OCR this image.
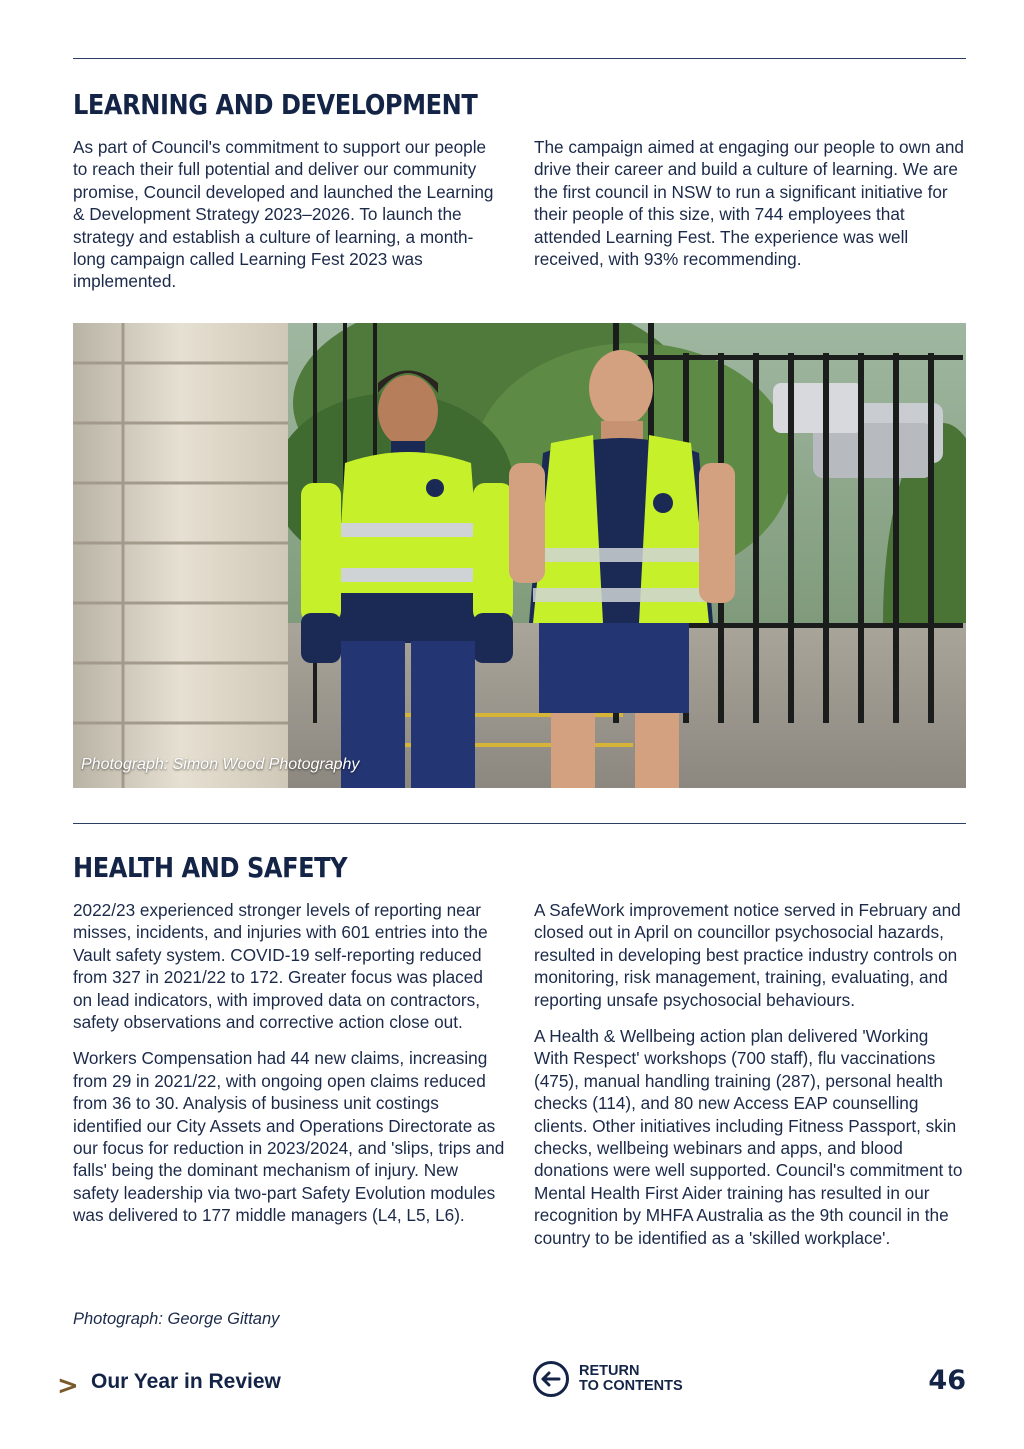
LEARNING AND DEVELOPMENT

As part of Council's commitment to support our people to reach their full potential and deliver our community promise, Council developed and launched the Learning & Development Strategy 2023–2026. To launch the strategy and establish a culture of learning, a month-long campaign called Learning Fest 2023 was implemented.

The campaign aimed at engaging our people to own and drive their career and build a culture of learning. We are the first council in NSW to run a significant initiative for their people of this size, with 744 employees that attended Learning Fest. The experience was well received, with 93% recommending.

Photograph: Simon Wood Photography
HEALTH AND SAFETY

2022/23 experienced stronger levels of reporting near misses, incidents, and injuries with 601 entries into the Vault safety system. COVID-19 self-reporting reduced from 327 in 2021/22 to 172. Greater focus was placed on lead indicators, with improved data on contractors, safety observations and corrective action close out.

Workers Compensation had 44 new claims, increasing from 29 in 2021/22, with ongoing open claims reduced from 36 to 30. Analysis of business unit costings identified our City Assets and Operations Directorate as our focus for reduction in 2023/2024, and 'slips, trips and falls' being the dominant mechanism of injury. New safety leadership via two-part Safety Evolution modules was delivered to 177 middle managers (L4, L5, L6).

A SafeWork improvement notice served in February and closed out in April on councillor psychosocial hazards, resulted in developing best practice industry controls on monitoring, risk management, training, evaluating, and reporting unsafe psychosocial behaviours.

A Health & Wellbeing action plan delivered 'Working With Respect' workshops (700 staff), flu vaccinations (475), manual handling training (287), personal health checks (114), and 80 new Access EAP counselling clients. Other initiatives including Fitness Passport, skin checks, wellbeing webinars and apps, and blood donations were well supported. Council's commitment to Mental Health First Aider training has resulted in our recognition by MHFA Australia as the 9th council in the country to be identified as a 'skilled workplace'.

Photograph: George Gittany
> Our Year in Review	RETURN
TO CONTENTS	46
